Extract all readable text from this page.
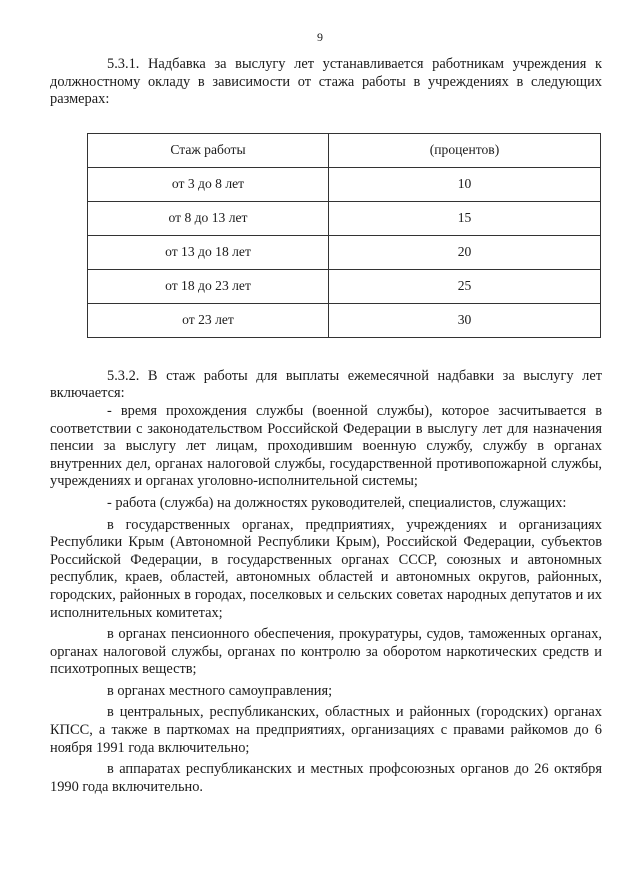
9

5.3.1. Надбавка за выслугу лет устанавливается работникам учреждения к должностному окладу в зависимости от стажа работы в учреждениях в следующих размерах:

Стаж работы	(процентов)
от 3 до 8 лет	10
от 8 до 13 лет	15
от 13 до 18 лет	20
от 18 до 23 лет	25
от 23 лет	30

5.3.2. В стаж работы для выплаты ежемесячной надбавки за выслугу лет включается:

- время прохождения службы (военной службы), которое засчитывается в соответствии с законодательством Российской Федерации в выслугу лет для назначения пенсии за выслугу лет лицам, проходившим военную службу, службу в органах внутренних дел, органах налоговой службы, государственной противопожарной службы, учреждениях и органах уголовно-исполнительной системы;

- работа (служба) на должностях руководителей, специалистов, служащих:

в государственных органах, предприятиях, учреждениях и организациях Республики Крым (Автономной Республики Крым), Российской Федерации, субъектов Российской Федерации, в государственных органах СССР, союзных и автономных республик, краев, областей, автономных областей и автономных округов, районных, городских, районных в городах, поселковых и сельских советах народных депутатов и их исполнительных комитетах;

в органах пенсионного обеспечения, прокуратуры, судов, таможенных органах, органах налоговой службы, органах по контролю за оборотом наркотических средств и психотропных веществ;

в органах местного самоуправления;

в центральных, республиканских, областных и районных (городских) органах КПСС, а также в парткомах на предприятиях, организациях с правами райкомов до 6 ноября 1991 года включительно;

в аппаратах республиканских и местных профсоюзных органов до 26 октября 1990 года включительно.
